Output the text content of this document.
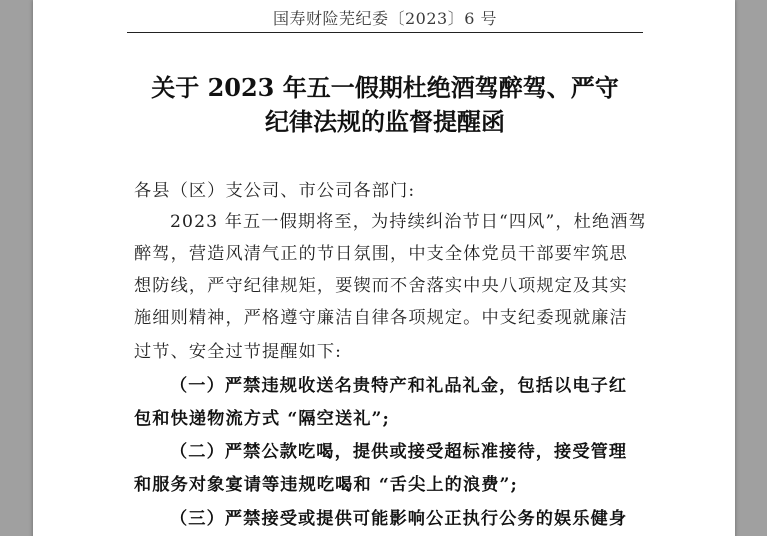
国寿财险芜纪委〔2023〕6 号
关于 2023 年五一假期杜绝酒驾醉驾、严守
纪律法规的监督提醒函
各县（区）支公司、市公司各部门:
2023 年五一假期将至，为持续纠治节日“四风”，杜绝酒驾
醉驾，营造风清气正的节日氛围，中支全体党员干部要牢筑思
想防线，严守纪律规矩，要锲而不舍落实中央八项规定及其实
施细则精神，严格遵守廉洁自律各项规定。中支纪委现就廉洁
过节、安全过节提醒如下:
（一）严禁违规收送名贵特产和礼品礼金，包括以电子红
包和快递物流方式 “隔空送礼”;
（二）严禁公款吃喝，提供或接受超标准接待，接受管理
和服务对象宴请等违规吃喝和 “舌尖上的浪费”;
（三）严禁接受或提供可能影响公正执行公务的娱乐健身
